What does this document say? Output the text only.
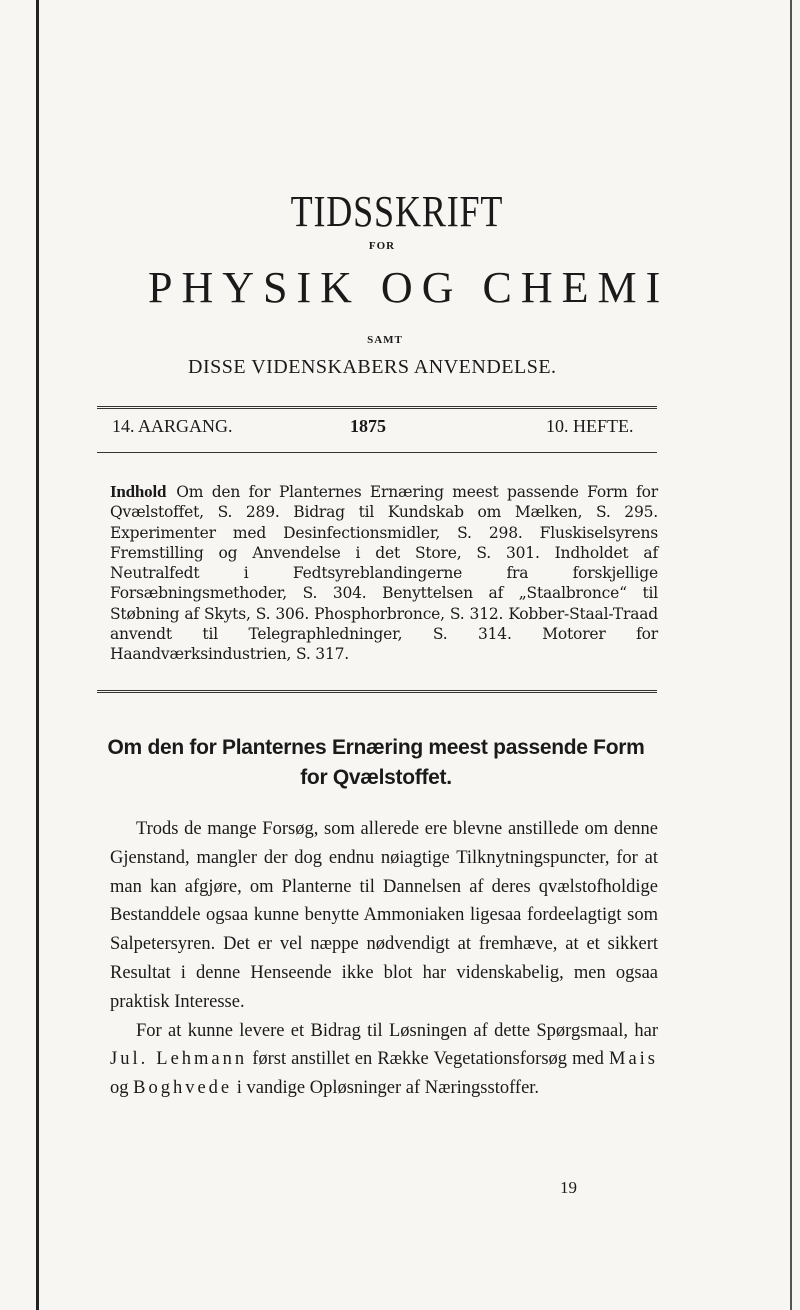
TIDSSKRIFT
FOR
PHYSIK OG CHEMI
SAMT
DISSE VIDENSKABERS ANVENDELSE.
14. AARGANG.	1875	10. HEFTE.
Indhold Om den for Planternes Ernæring meest passende Form for Qvælstoffet, S. 289. Bidrag til Kundskab om Mælken, S. 295. Experimenter med Desinfectionsmidler, S. 298. Fluskiselsyrens Fremstilling og Anvendelse i det Store, S. 301. Indholdet af Neutralfedt i Fedtsyreblandingerne fra forskjellige Forsæbningsmethoder, S. 304. Benyttelsen af „Staalbronce“ til Støbning af Skyts, S. 306. Phosphorbronce, S. 312. Kobber-Staal-Traad anvendt til Telegraphledninger, S. 314. Motorer for Haandværksindustrien, S. 317.
Om den for Planternes Ernæring meest passende Form for Qvælstoffet.

Trods de mange Forsøg, som allerede ere blevne anstillede om denne Gjenstand, mangler der dog endnu nøiagtige Tilknytningspuncter, for at man kan afgjøre, om Planterne til Dannelsen af deres qvælstofholdige Bestanddele ogsaa kunne benytte Ammoniaken ligesaa fordeelagtigt som Salpetersyren. Det er vel næppe nødvendigt at fremhæve, at et sikkert Resultat i denne Henseende ikke blot har videnskabelig, men ogsaa praktisk Interesse.

For at kunne levere et Bidrag til Løsningen af dette Spørgsmaal, har Jul. Lehmann først anstillet en Række Vegetationsforsøg med Mais og Boghvede i vandige Opløsninger af Næringsstoffer.

19
